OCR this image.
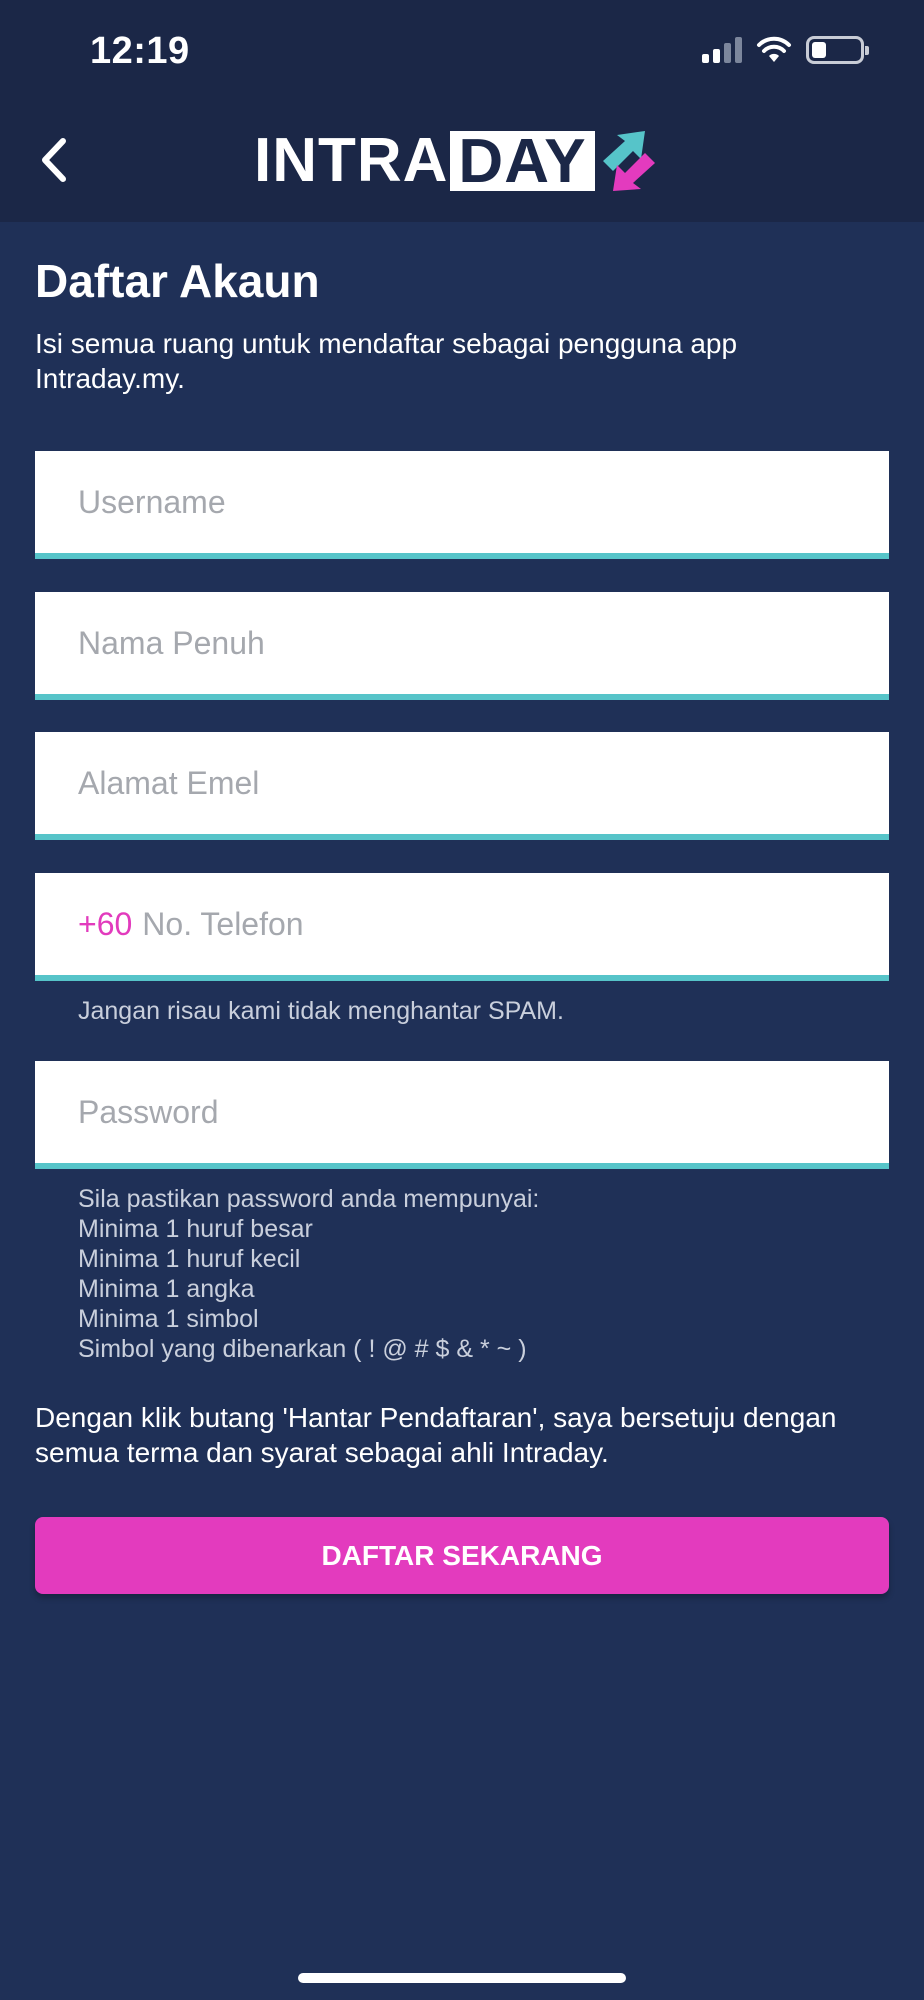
12:19
INTRA DAY
Daftar Akaun
Isi semua ruang untuk mendaftar sebagai pengguna app Intraday.my.
Username
Nama Penuh
Alamat Emel
+60 No. Telefon
Jangan risau kami tidak menghantar SPAM.
Password
Sila pastikan password anda mempunyai:
Minima 1 huruf besar
Minima 1 huruf kecil
Minima 1 angka
Minima 1 simbol
Simbol yang dibenarkan ( ! @ # $ & * ~ )
Dengan klik butang 'Hantar Pendaftaran', saya bersetuju dengan semua terma dan syarat sebagai ahli Intraday.
DAFTAR SEKARANG
